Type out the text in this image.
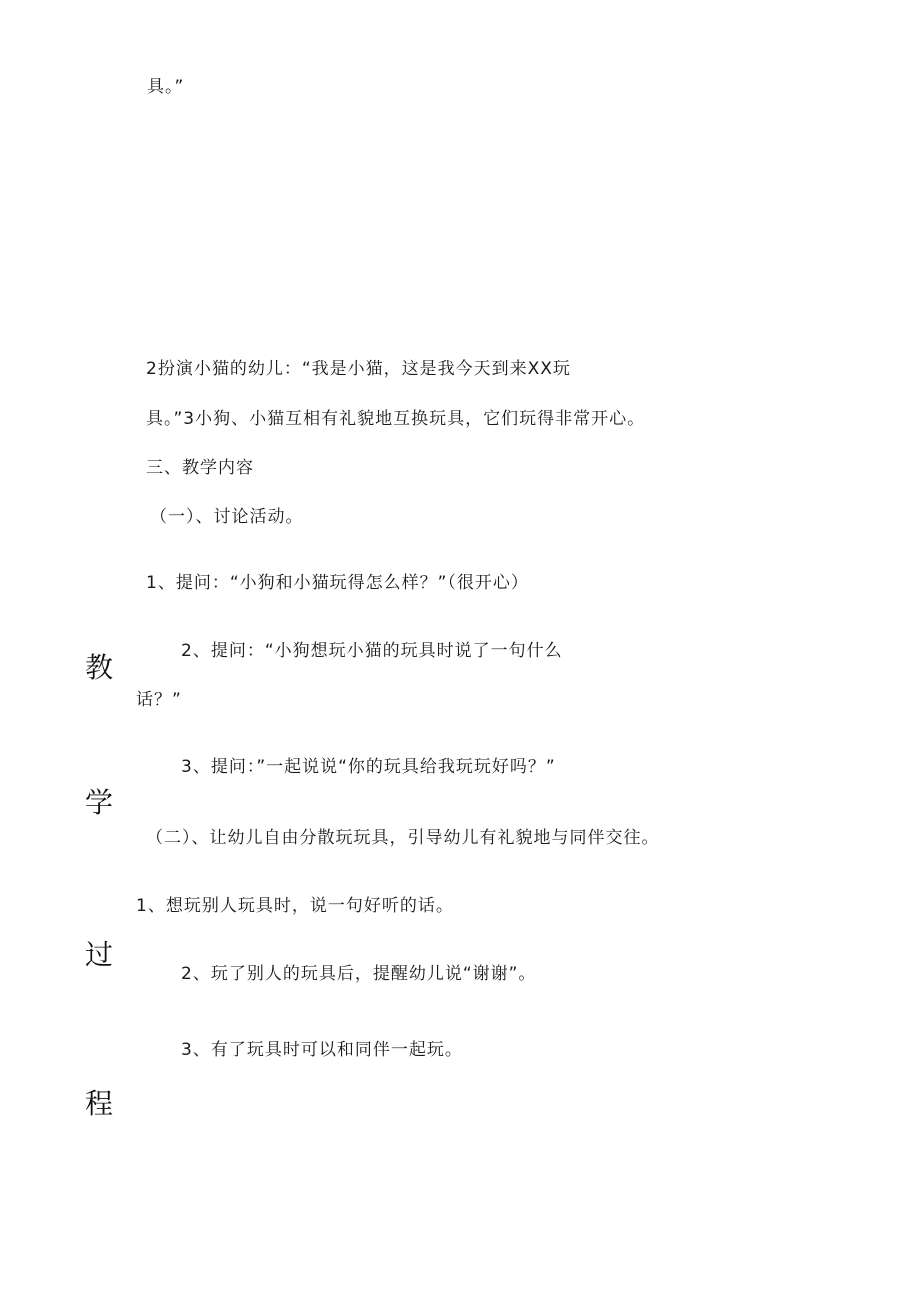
具。”
2扮演小猫的幼儿：“我是小猫，这是我今天到来XX玩
具。”3小狗、小猫互相有礼貌地互换玩具，它们玩得非常开心。
三、教学内容
（一）、讨论活动。
1、提问：“小狗和小猫玩得怎么样？”（很开心）
2、提问：“小狗想玩小猫的玩具时说了一句什么
话？”
3、提问：”一起说说“你的玩具给我玩玩好吗？”
（二）、让幼儿自由分散玩玩具，引导幼儿有礼貌地与同伴交往。
1、想玩别人玩具时，说一句好听的话。
2、玩了别人的玩具后，提醒幼儿说“谢谢”。
3、有了玩具时可以和同伴一起玩。
教
学
过
程
